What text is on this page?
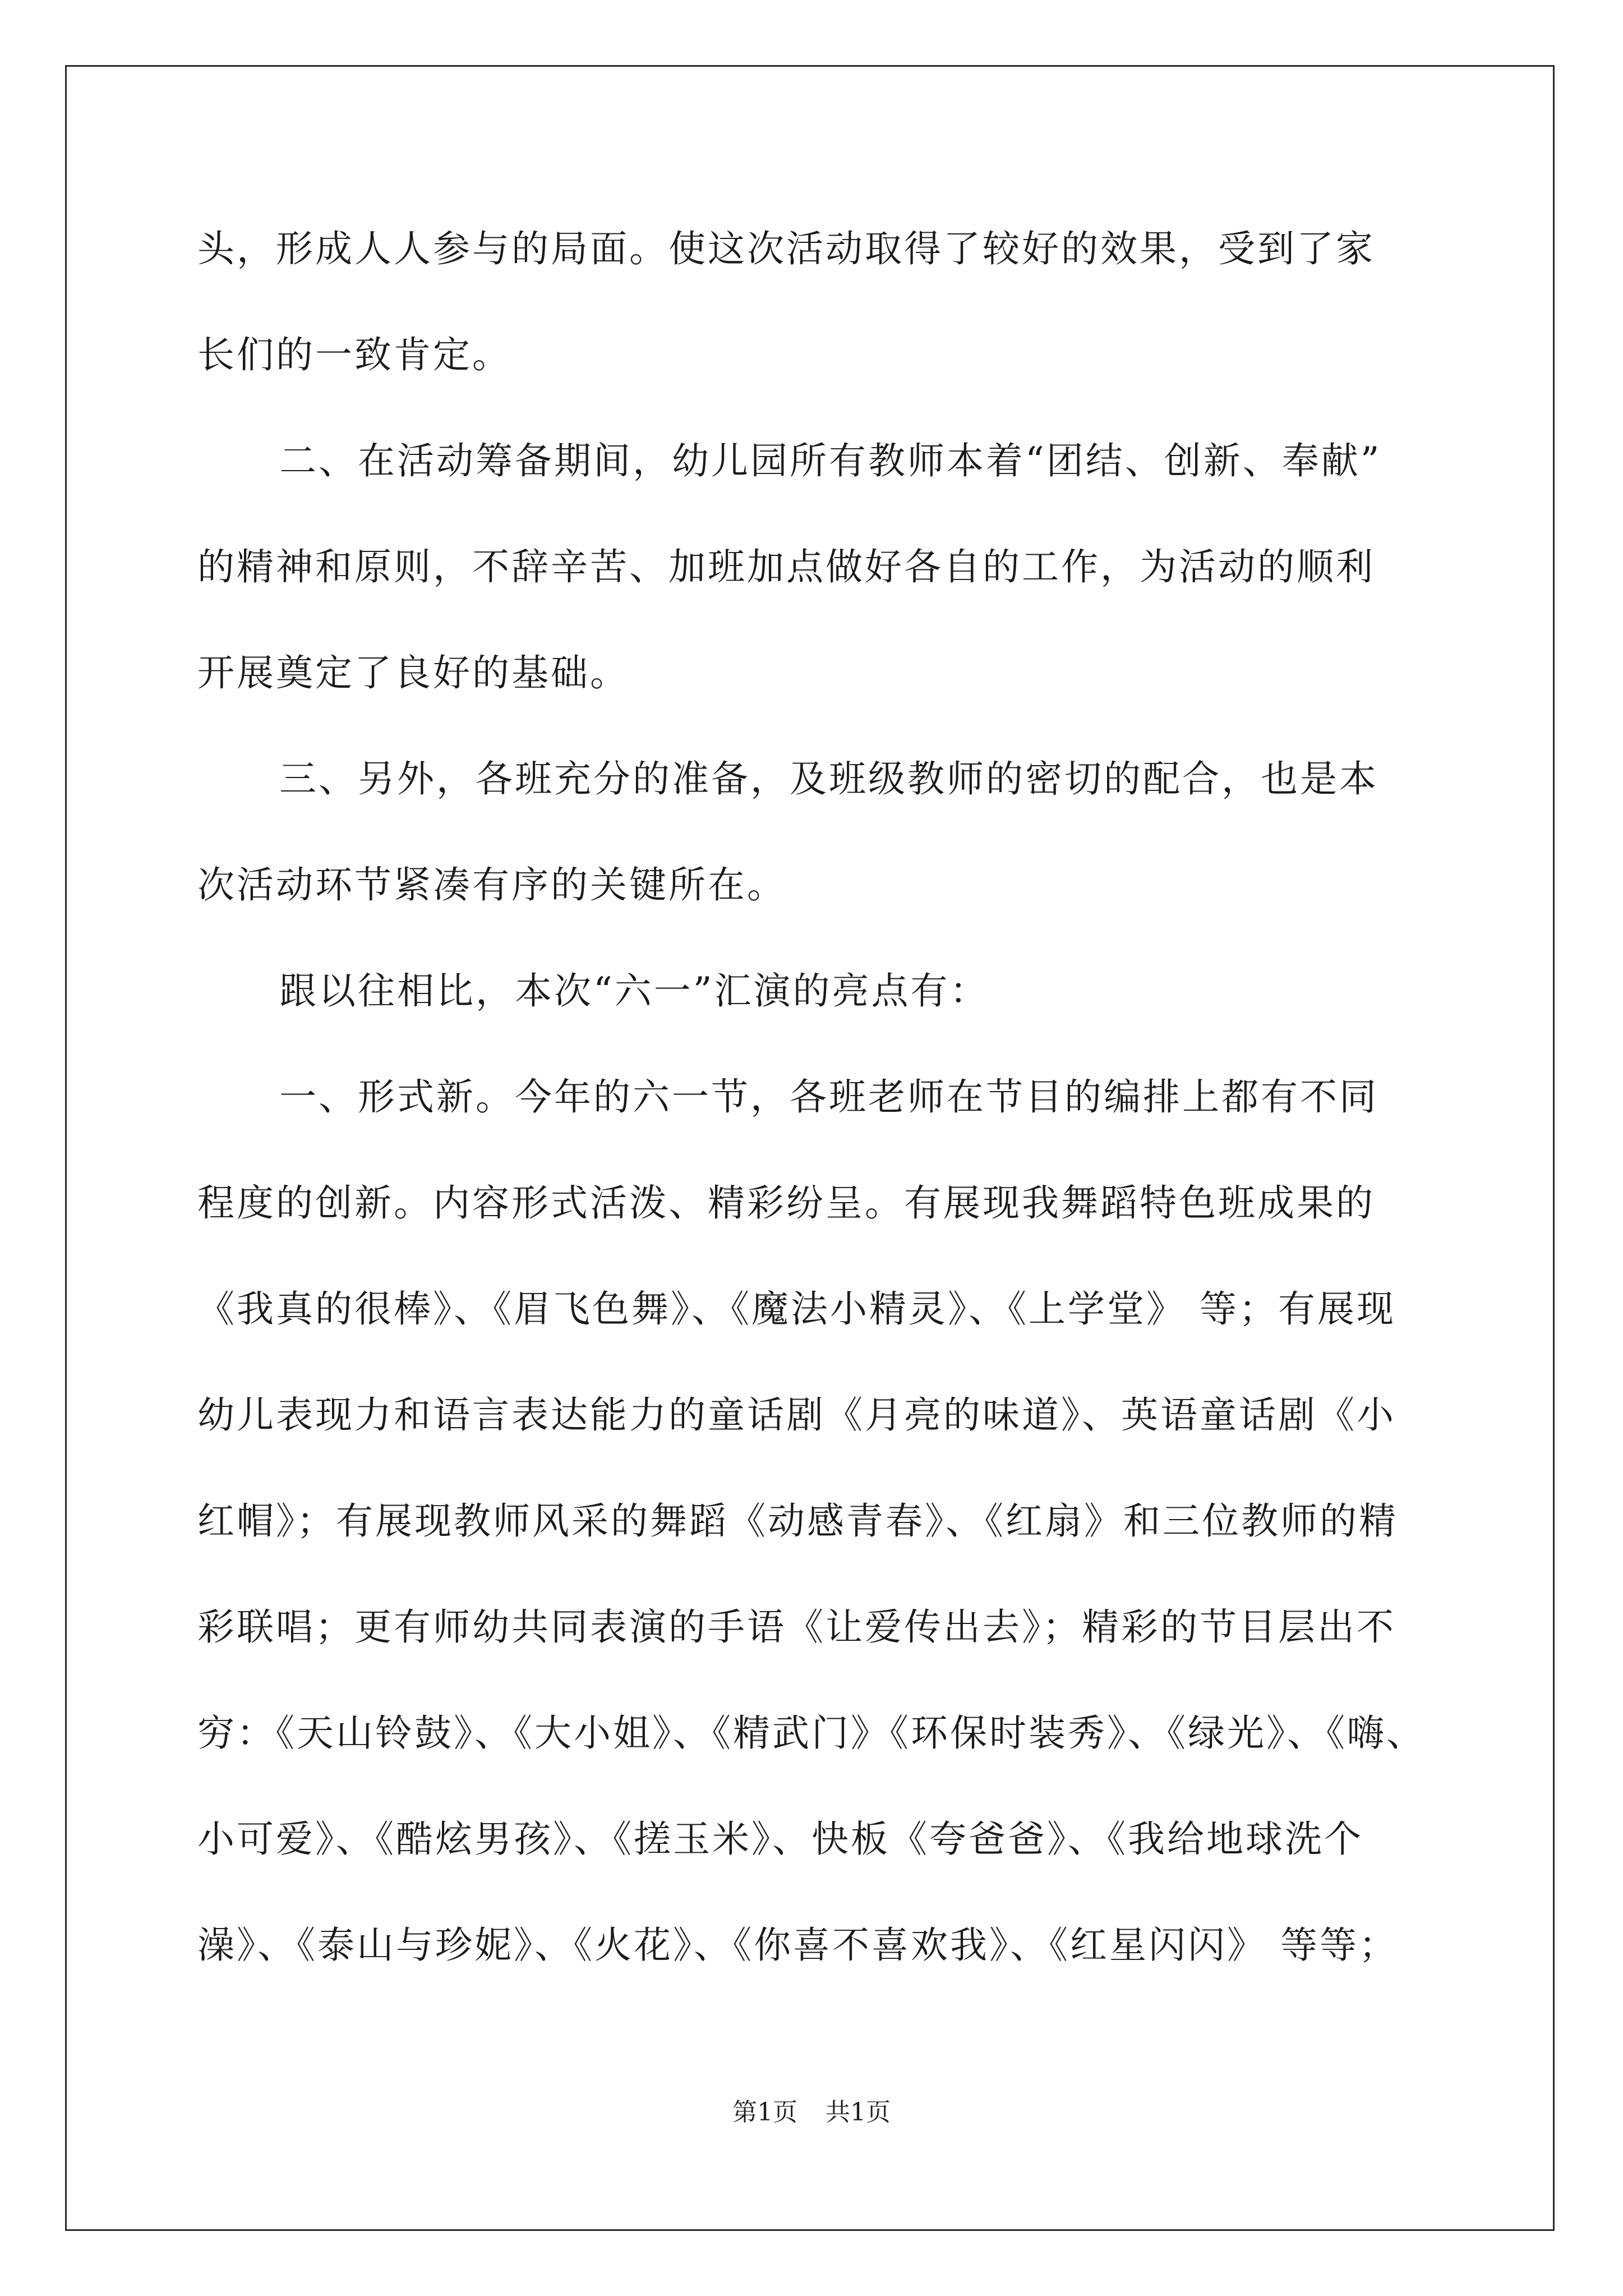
头，形成人人参与的局面。使这次活动取得了较好的效果，受到了家
长们的一致肯定。
二、在活动筹备期间，幼儿园所有教师本着“团结、创新、奉献”
的精神和原则，不辞辛苦、加班加点做好各自的工作，为活动的顺利
开展奠定了良好的基础。
三、另外，各班充分的准备，及班级教师的密切的配合，也是本
次活动环节紧凑有序的关键所在。
跟以往相比，本次“六一”汇演的亮点有：
一、形式新。今年的六一节，各班老师在节目的编排上都有不同
程度的创新。内容形式活泼、精彩纷呈。有展现我舞蹈特色班成果的
《我真的很棒》、《眉飞色舞》、《魔法小精灵》、《上学堂》 等；有展现
幼儿表现力和语言表达能力的童话剧《月亮的味道》、英语童话剧《小
红帽》；有展现教师风采的舞蹈《动感青春》、《红扇》和三位教师的精
彩联唱；更有师幼共同表演的手语《让爱传出去》；精彩的节目层出不
穷：《天山铃鼓》、《大小姐》、《精武门》《环保时装秀》、《绿光》、《嗨、
小可爱》、《酷炫男孩》、《搓玉米》、快板《夸爸爸》、《我给地球洗个
澡》、《泰山与珍妮》、《火花》、《你喜不喜欢我》、《红星闪闪》 等等；
第1页 共1页
